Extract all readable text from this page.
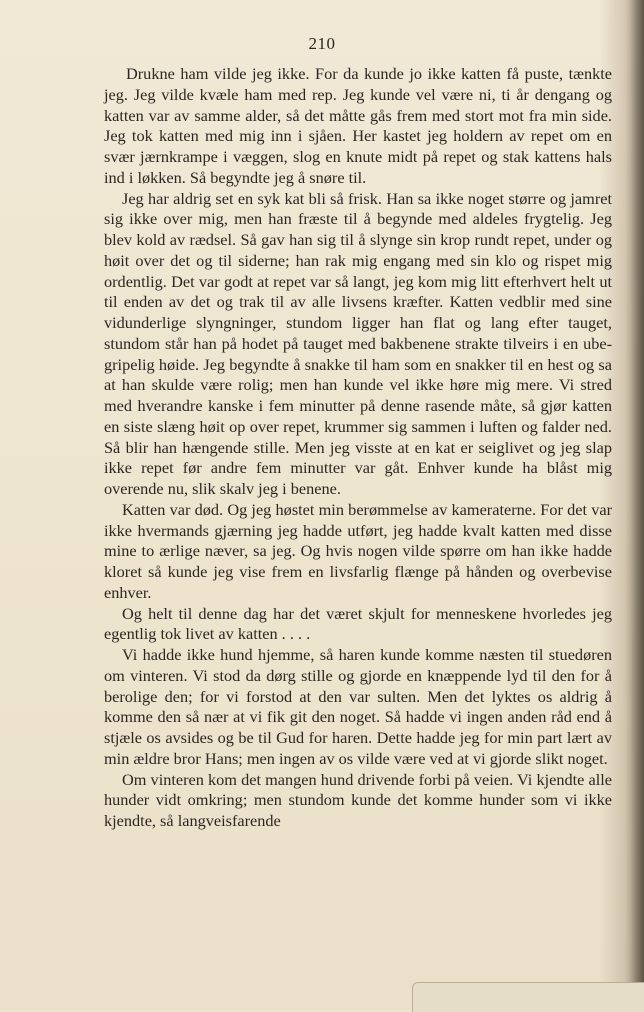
210

Drukne ham vilde jeg ikke. For da kunde jo ikke katten få puste, tænkte jeg. Jeg vilde kvæle ham med rep. Jeg kunde vel være ni, ti år dengang og katten var av samme alder, så det måtte gås frem med stort mot fra min side. Jeg tok katten med mig inn i sjåen. Her kastet jeg holdern av repet om en svær jærnkrampe i væggen, slog en knute midt på repet og stak kattens hals ind i løkken. Så begyndte jeg å snøre til.

Jeg har aldrig set en syk kat bli så frisk. Han sa ikke noget større og jamret sig ikke over mig, men han fræste til å begynde med aldeles frygtelig. Jeg blev kold av rædsel. Så gav han sig til å slynge sin krop rundt repet, under og høit over det og til siderne; han rak mig engang med sin klo og rispet mig ordentlig. Det var godt at repet var så langt, jeg kom mig litt efterhvert helt ut til enden av det og trak til av alle livsens kræfter. Katten vedblir med sine vidunderlige slyngninger, stundom ligger han flat og lang efter tauget, stundom står han på hodet på tauget med bakbenene strakte tilveirs i en ubegripelig høide. Jeg begyndte å snakke til ham som en snakker til en hest og sa at han skulde være rolig; men han kunde vel ikke høre mig mere. Vi stred med hverandre kanske i fem minutter på denne rasende måte, så gjør katten en siste slæng høit op over repet, krummer sig sammen i luften og falder ned. Så blir han hængende stille. Men jeg visste at en kat er seiglivet og jeg slap ikke repet før andre fem minutter var gåt. Enhver kunde ha blåst mig overende nu, slik skalv jeg i benene.

Katten var død. Og jeg høstet min berømmelse av kameraterne. For det var ikke hvermands gjærning jeg hadde utført, jeg hadde kvalt katten med disse mine to ærlige næver, sa jeg. Og hvis nogen vilde spørre om han ikke hadde kloret så kunde jeg vise frem en livsfarlig flænge på hånden og overbevise enhver.

Og helt til denne dag har det været skjult for menneskene hvorledes jeg egentlig tok livet av katten . . . .

Vi hadde ikke hund hjemme, så haren kunde komme næsten til stuedøren om vinteren. Vi stod da dørg stille og gjorde en knæppende lyd til den for å berolige den; for vi forstod at den var sulten. Men det lyktes os aldrig å komme den så nær at vi fik git den noget. Så hadde vi ingen anden råd end å stjæle os avsides og be til Gud for haren. Dette hadde jeg for min part lært av min ældre bror Hans; men ingen av os vilde være ved at vi gjorde slikt noget.

Om vinteren kom det mangen hund drivende forbi på veien. Vi kjendte alle hunder vidt omkring; men stundom kunde det komme hunder som vi ikke kjendte, så langveisfarende
